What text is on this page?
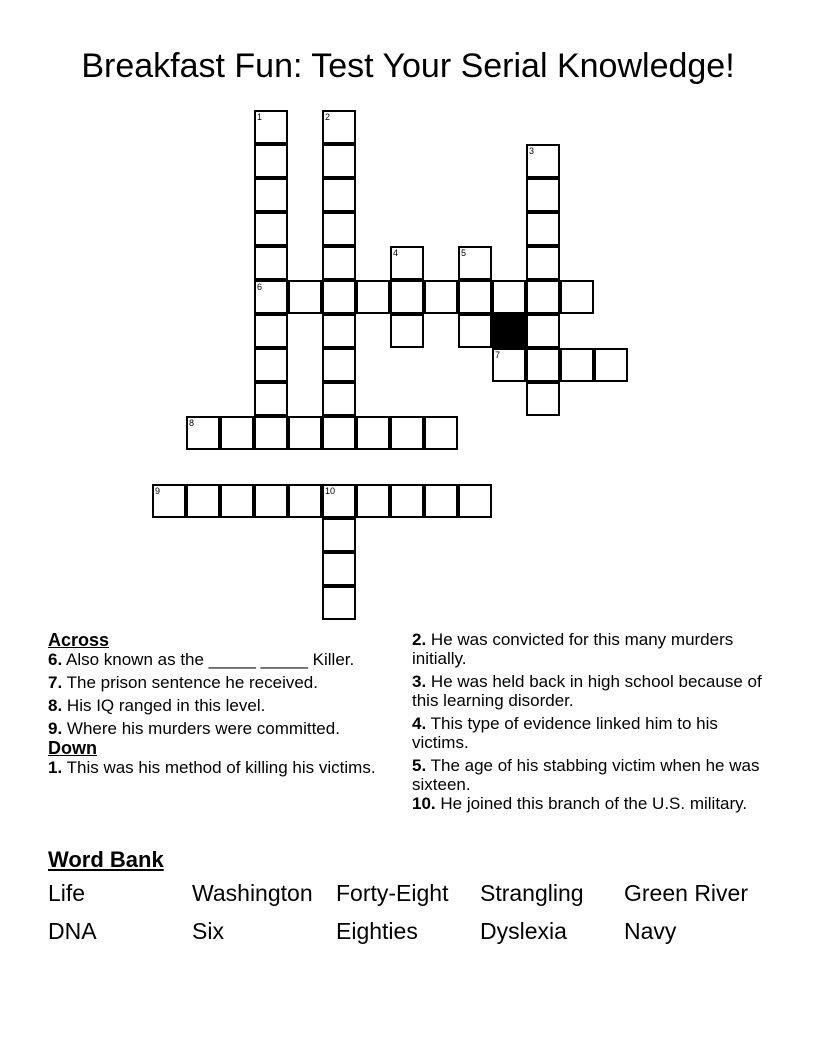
Breakfast Fun: Test Your Serial Knowledge!
1	2
3
4	5
6
7
8
9	10
Across
6. Also known as the _____ _____ Killer.
7. The prison sentence he received.
8. His IQ ranged in this level.
9. Where his murders were committed.
Down
1. This was his method of killing his victims.
2. He was convicted for this many murders initially.
3. He was held back in high school because of this learning disorder.
4. This type of evidence linked him to his victims.
5. The age of his stabbing victim when he was sixteen.
10. He joined this branch of the U.S. military.
Word Bank
Life	Washington	Forty-Eight	Strangling	Green River
DNA	Six	Eighties	Dyslexia	Navy
